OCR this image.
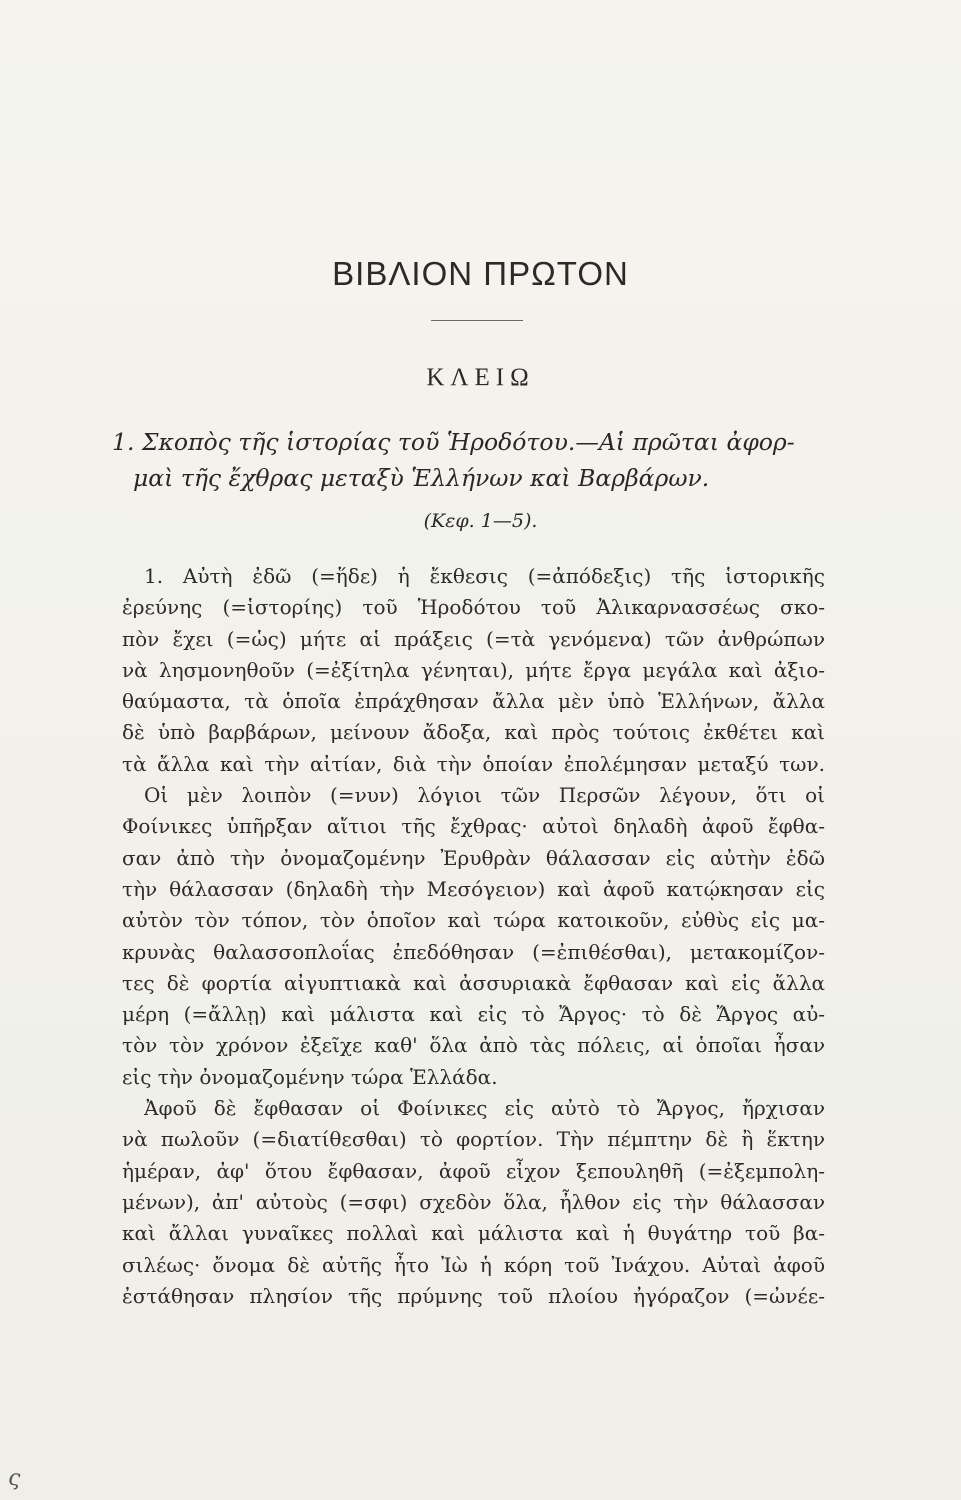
ΒΙΒΛΙΟΝ ΠΡΩΤΟΝ
ΚΛΕΙΩ
1. Σκοπὸς τῆς ἱστορίας τοῦ Ἡροδότου.—Αἱ πρῶται ἀφορ-
μαὶ τῆς ἔχθρας μεταξὺ Ἑλλήνων καὶ Βαρβάρων.
(Κεφ. 1—5).
1. Αὐτὴ ἐδῶ (=ἥδε) ἡ ἔκθεσις (=ἀπόδεξις) τῆς ἱστορικῆς
ἐρεύνης (=ἱστορίης) τοῦ Ἡροδότου τοῦ Ἀλικαρνασσέως σκο-
πὸν ἔχει (=ὡς) μήτε αἱ πράξεις (=τὰ γενόμενα) τῶν ἀνθρώπων
νὰ λησμονηθοῦν (=ἐξίτηλα γένηται), μήτε ἔργα μεγάλα καὶ ἀξιο-
θαύμαστα, τὰ ὁποῖα ἐπράχθησαν ἄλλα μὲν ὑπὸ Ἑλλήνων, ἄλλα
δὲ ὑπὸ βαρβάρων, μείνουν ἄδοξα, καὶ πρὸς τούτοις ἐκθέτει καὶ
τὰ ἄλλα καὶ τὴν αἰτίαν, διὰ τὴν ὁποίαν ἐπολέμησαν μεταξύ των.
Οἱ μὲν λοιπὸν (=νυν) λόγιοι τῶν Περσῶν λέγουν, ὅτι οἱ
Φοίνικες ὑπῆρξαν αἴτιοι τῆς ἔχθρας· αὐτοὶ δηλαδὴ ἀφοῦ ἔφθα-
σαν ἀπὸ τὴν ὀνομαζομένην Ἐρυθρὰν θάλασσαν εἰς αὐτὴν ἐδῶ
τὴν θάλασσαν (δηλαδὴ τὴν Μεσόγειον) καὶ ἀφοῦ κατῴκησαν εἰς
αὐτὸν τὸν τόπον, τὸν ὁποῖον καὶ τώρα κατοικοῦν, εὐθὺς εἰς μα-
κρυνὰς θαλασσοπλοΐας ἐπεδόθησαν (=ἐπιθέσθαι), μετακομίζον-
τες δὲ φορτία αἰγυπτιακὰ καὶ ἀσσυριακὰ ἔφθασαν καὶ εἰς ἄλλα
μέρη (=ἄλλῃ) καὶ μάλιστα καὶ εἰς τὸ Ἄργος· τὸ δὲ Ἄργος αὐ-
τὸν τὸν χρόνον ἐξεῖχε καθ' ὅλα ἀπὸ τὰς πόλεις, αἱ ὁποῖαι ἦσαν
εἰς τὴν ὀνομαζομένην τώρα Ἑλλάδα.
Ἀφοῦ δὲ ἔφθασαν οἱ Φοίνικες εἰς αὐτὸ τὸ Ἄργος, ἤρχισαν
νὰ πωλοῦν (=διατίθεσθαι) τὸ φορτίον. Τὴν πέμπτην δὲ ἢ ἕκτην
ἡμέραν, ἀφ' ὅτου ἔφθασαν, ἀφοῦ εἶχον ξεπουληθῆ (=ἐξεμπολη-
μένων), ἀπ' αὐτοὺς (=σφι) σχεδὸν ὅλα, ἦλθον εἰς τὴν θάλασσαν
καὶ ἄλλαι γυναῖκες πολλαὶ καὶ μάλιστα καὶ ἡ θυγάτηρ τοῦ βα-
σιλέως· ὄνομα δὲ αὐτῆς ἦτο Ἰὼ ἡ κόρη τοῦ Ἰνάχου. Αὐταὶ ἀφοῦ
ἐστάθησαν πλησίον τῆς πρύμνης τοῦ πλοίου ἠγόραζον (=ὠνέε-
ς
